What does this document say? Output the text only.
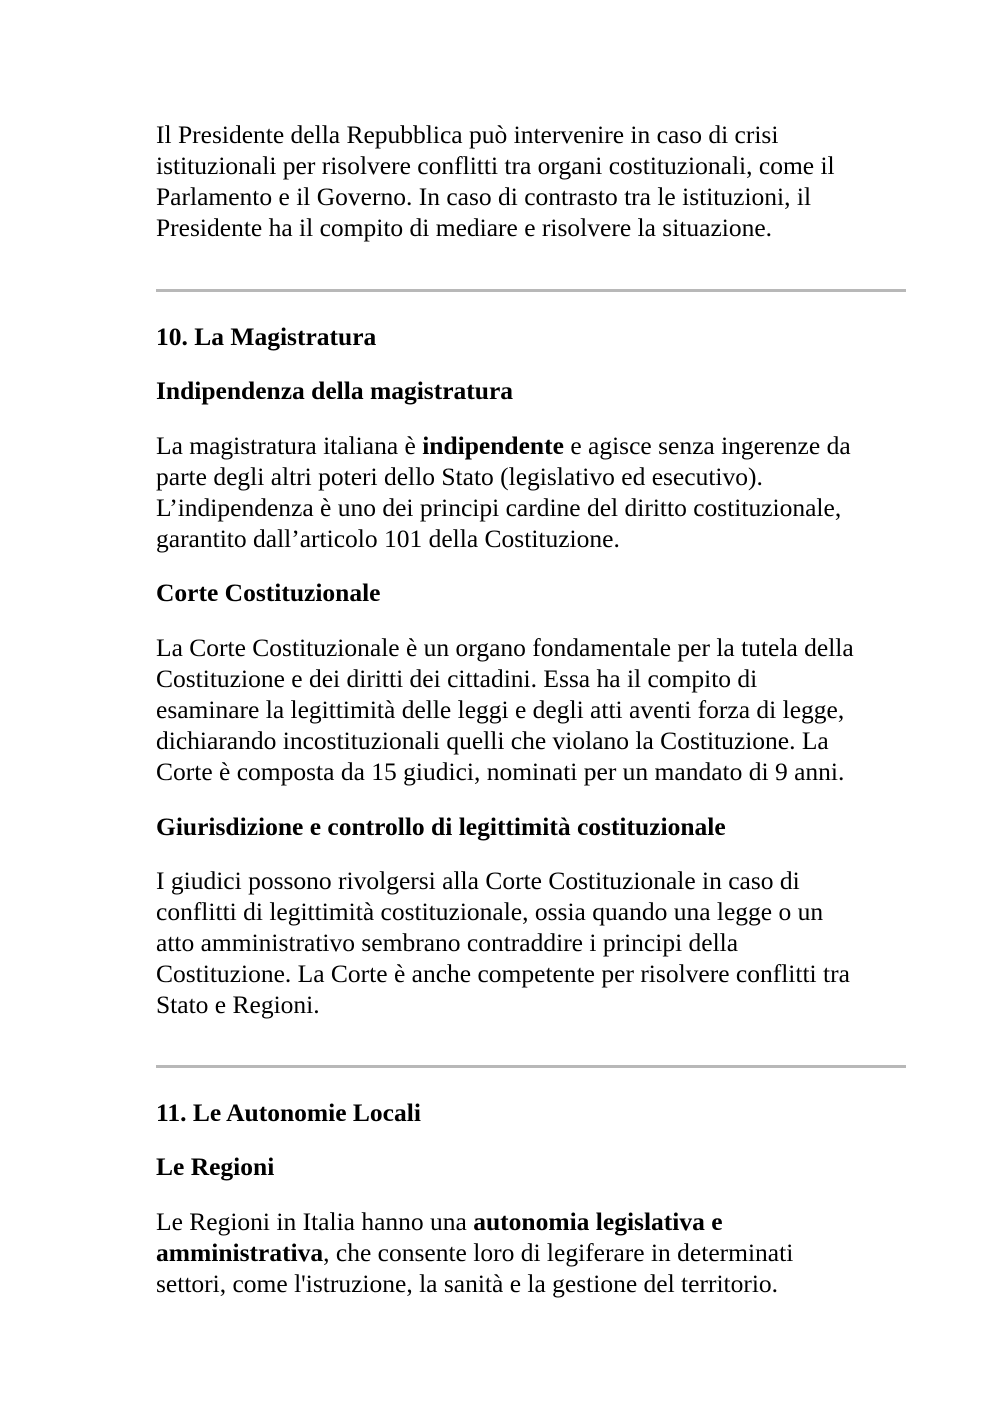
Il Presidente della Repubblica può intervenire in caso di crisi
istituzionali per risolvere conflitti tra organi costituzionali, come il
Parlamento e il Governo. In caso di contrasto tra le istituzioni, il
Presidente ha il compito di mediare e risolvere la situazione.

10. La Magistratura
Indipendenza della magistratura

La magistratura italiana è indipendente e agisce senza ingerenze da
parte degli altri poteri dello Stato (legislativo ed esecutivo).
L’indipendenza è uno dei principi cardine del diritto costituzionale,
garantito dall’articolo 101 della Costituzione.

Corte Costituzionale

La Corte Costituzionale è un organo fondamentale per la tutela della
Costituzione e dei diritti dei cittadini. Essa ha il compito di
esaminare la legittimità delle leggi e degli atti aventi forza di legge,
dichiarando incostituzionali quelli che violano la Costituzione. La
Corte è composta da 15 giudici, nominati per un mandato di 9 anni.

Giurisdizione e controllo di legittimità costituzionale

I giudici possono rivolgersi alla Corte Costituzionale in caso di
conflitti di legittimità costituzionale, ossia quando una legge o un
atto amministrativo sembrano contraddire i principi della
Costituzione. La Corte è anche competente per risolvere conflitti tra
Stato e Regioni.

11. Le Autonomie Locali
Le Regioni

Le Regioni in Italia hanno una autonomia legislativa e
amministrativa, che consente loro di legiferare in determinati
settori, come l'istruzione, la sanità e la gestione del territorio.
